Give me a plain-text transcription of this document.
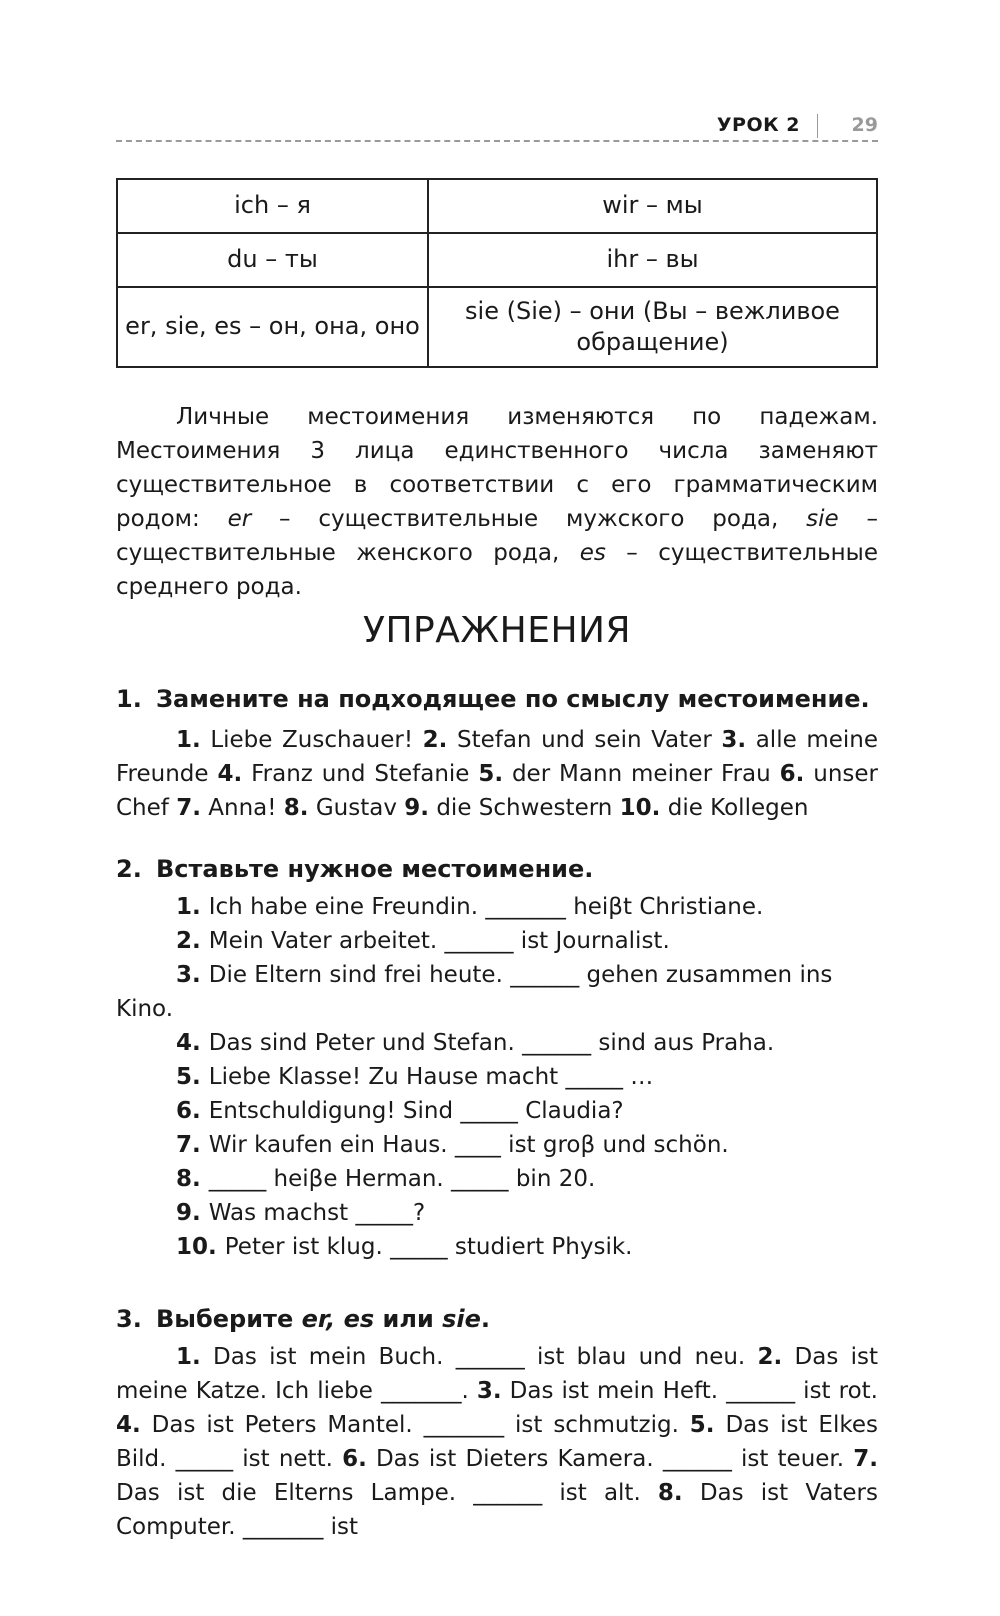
УРОК 2	29
ich – я	wir – мы
du – ты	ihr – вы
er, sie, es – он, она, оно	sie (Sie) – они (Вы – вежливое обращение)

Личные местоимения изменяются по падежам. Местоимения 3 лица единственного числа заменяют существительное в соответствии с его грамматическим родом: er – существительные мужского рода, sie – существительные женского рода, es – существительные среднего рода.

УПРАЖНЕНИЯ
1. Замените на подходящее по смыслу местоимение.

1. Liebe Zuschauer! 2. Stefan und sein Vater 3. alle meine Freunde 4. Franz und Stefanie 5. der Mann meiner Frau 6. unser Chef 7. Anna! 8. Gustav 9. die Schwestern 10. die Kollegen

2. Вставьте нужное местоимение.
1. Ich habe eine Freundin. _______ heiβt Christiane.
2. Mein Vater arbeitet. ______ ist Journalist.
3. Die Eltern sind frei heute. ______ gehen zusammen ins
Kino.
4. Das sind Peter und Stefan. ______ sind aus Praha.
5. Liebe Klasse! Zu Hause macht _____ …
6. Entschuldigung! Sind _____ Claudia?
7. Wir kaufen ein Haus. ____ ist groβ und schön.
8. _____ heiβe Herman. _____ bin 20.
9. Was machst _____?
10. Peter ist klug. _____ studiert Physik.
3. Выберите er, es или sie.

1. Das ist mein Buch. ______ ist blau und neu. 2. Das ist meine Katze. Ich liebe _______. 3. Das ist mein Heft. ______ ist rot. 4. Das ist Peters Mantel. _______ ist schmutzig. 5. Das ist Elkes Bild. _____ ist nett. 6. Das ist Dieters Kamera. ______ ist teuer. 7. Das ist die Elterns Lampe. ______ ist alt. 8. Das ist Vaters Computer. _______ ist
